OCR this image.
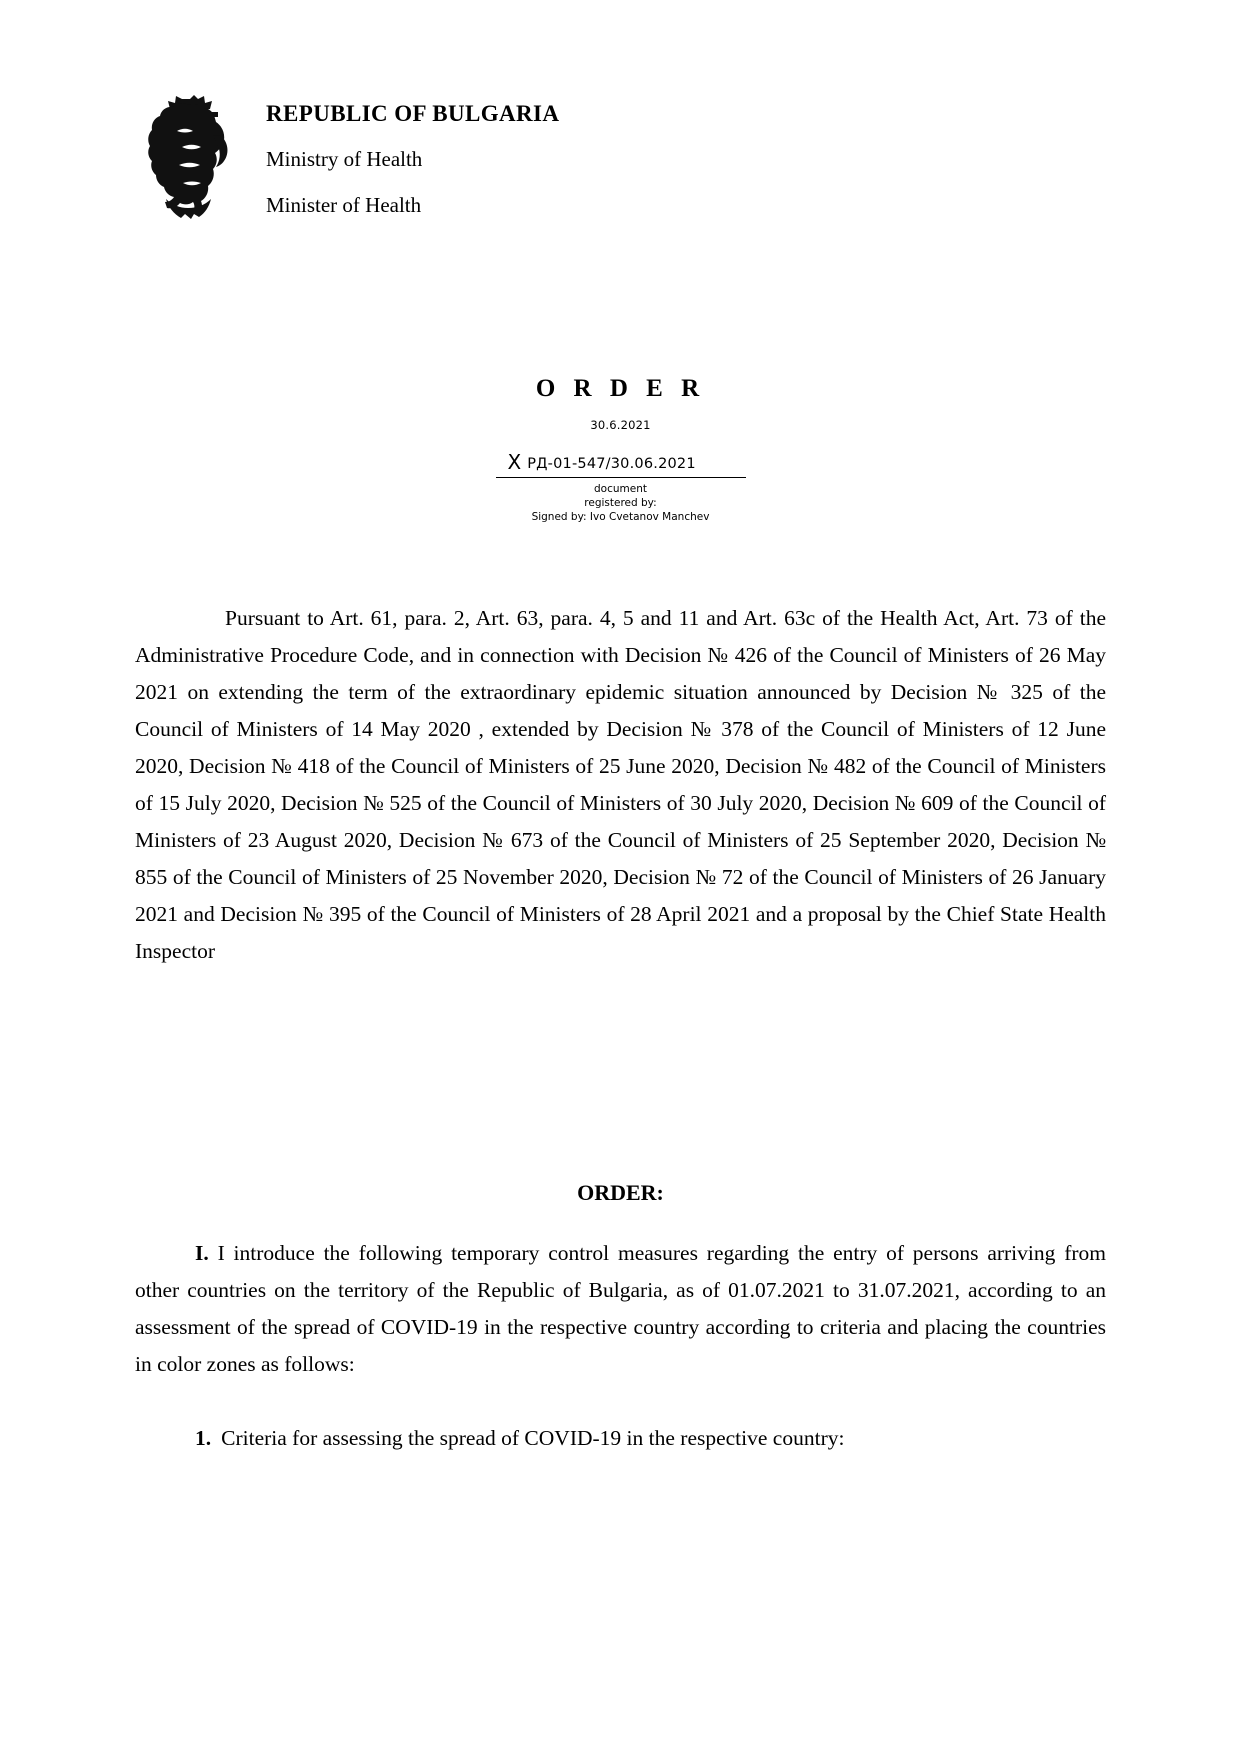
REPUBLIC OF BULGARIA
Ministry of Health
Minister of Health
O R D E R
30.6.2021
X РД-01-547/30.06.2021
document
registered by:
Signed by: Ivo Cvetanov Manchev

Pursuant to Art. 61, para. 2, Art. 63, para. 4, 5 and 11 and Art. 63c of the Health Act, Art. 73 of the Administrative Procedure Code, and in connection with Decision № 426 of the Council of Ministers of 26 May 2021 on extending the term of the extraordinary epidemic situation announced by Decision № 325 of the Council of Ministers of 14 May 2020 , extended by Decision № 378 of the Council of Ministers of 12 June 2020, Decision № 418 of the Council of Ministers of 25 June 2020, Decision № 482 of the Council of Ministers of 15 July 2020, Decision № 525 of the Council of Ministers of 30 July 2020, Decision № 609 of the Council of Ministers of 23 August 2020, Decision № 673 of the Council of Ministers of 25 September 2020, Decision № 855 of the Council of Ministers of 25 November 2020, Decision № 72 of the Council of Ministers of 26 January 2021 and Decision № 395 of the Council of Ministers of 28 April 2021 and a proposal by the Chief State Health Inspector

ORDER:

I. I introduce the following temporary control measures regarding the entry of persons arriving from other countries on the territory of the Republic of Bulgaria, as of 01.07.2021 to 31.07.2021, according to an assessment of the spread of COVID-19 in the respective country according to criteria and placing the countries in color zones as follows:

1. Criteria for assessing the spread of COVID-19 in the respective country:
